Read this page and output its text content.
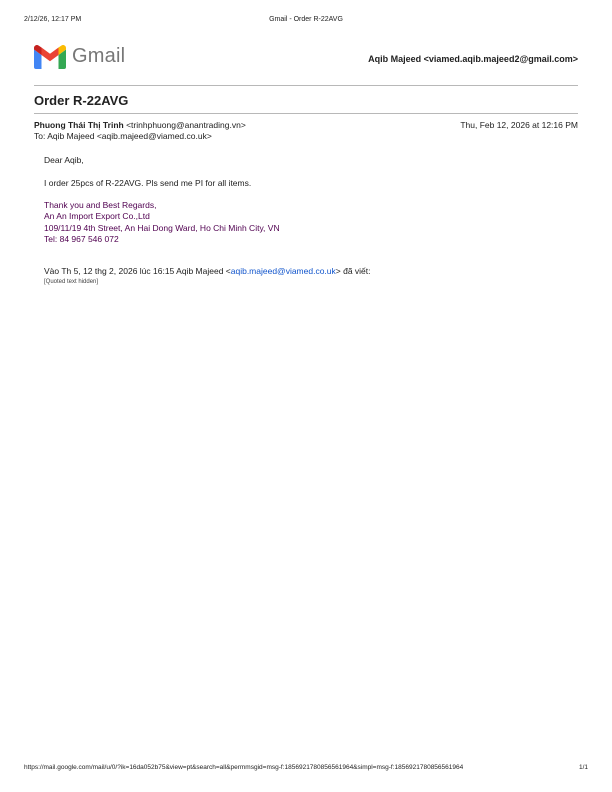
2/12/26, 12:17 PM	Gmail - Order R-22AVG
Gmail	Aqib Majeed <viamed.aqib.majeed2@gmail.com>
Order R-22AVG
Phuong Thái Thị Trinh <trinhphuong@anantrading.vn>	Thu, Feb 12, 2026 at 12:16 PM
To: Aqib Majeed <aqib.majeed@viamed.co.uk>
Dear Aqib,
I order 25pcs of R-22AVG. Pls send me PI for all items.
Thank you and Best Regards,
An An Import Export Co.,Ltd
109/11/19 4th Street, An Hai Dong Ward, Ho Chi Minh City, VN
Tel: 84 967 546 072
Vào Th 5, 12 thg 2, 2026 lúc 16:15 Aqib Majeed <aqib.majeed@viamed.co.uk> đã viết:
[Quoted text hidden]
https://mail.google.com/mail/u/0/?ik=16da052b75&view=pt&search=all&permmsgid=msg-f:1856921780856561964&simpl=msg-f:1856921780856561964	1/1
